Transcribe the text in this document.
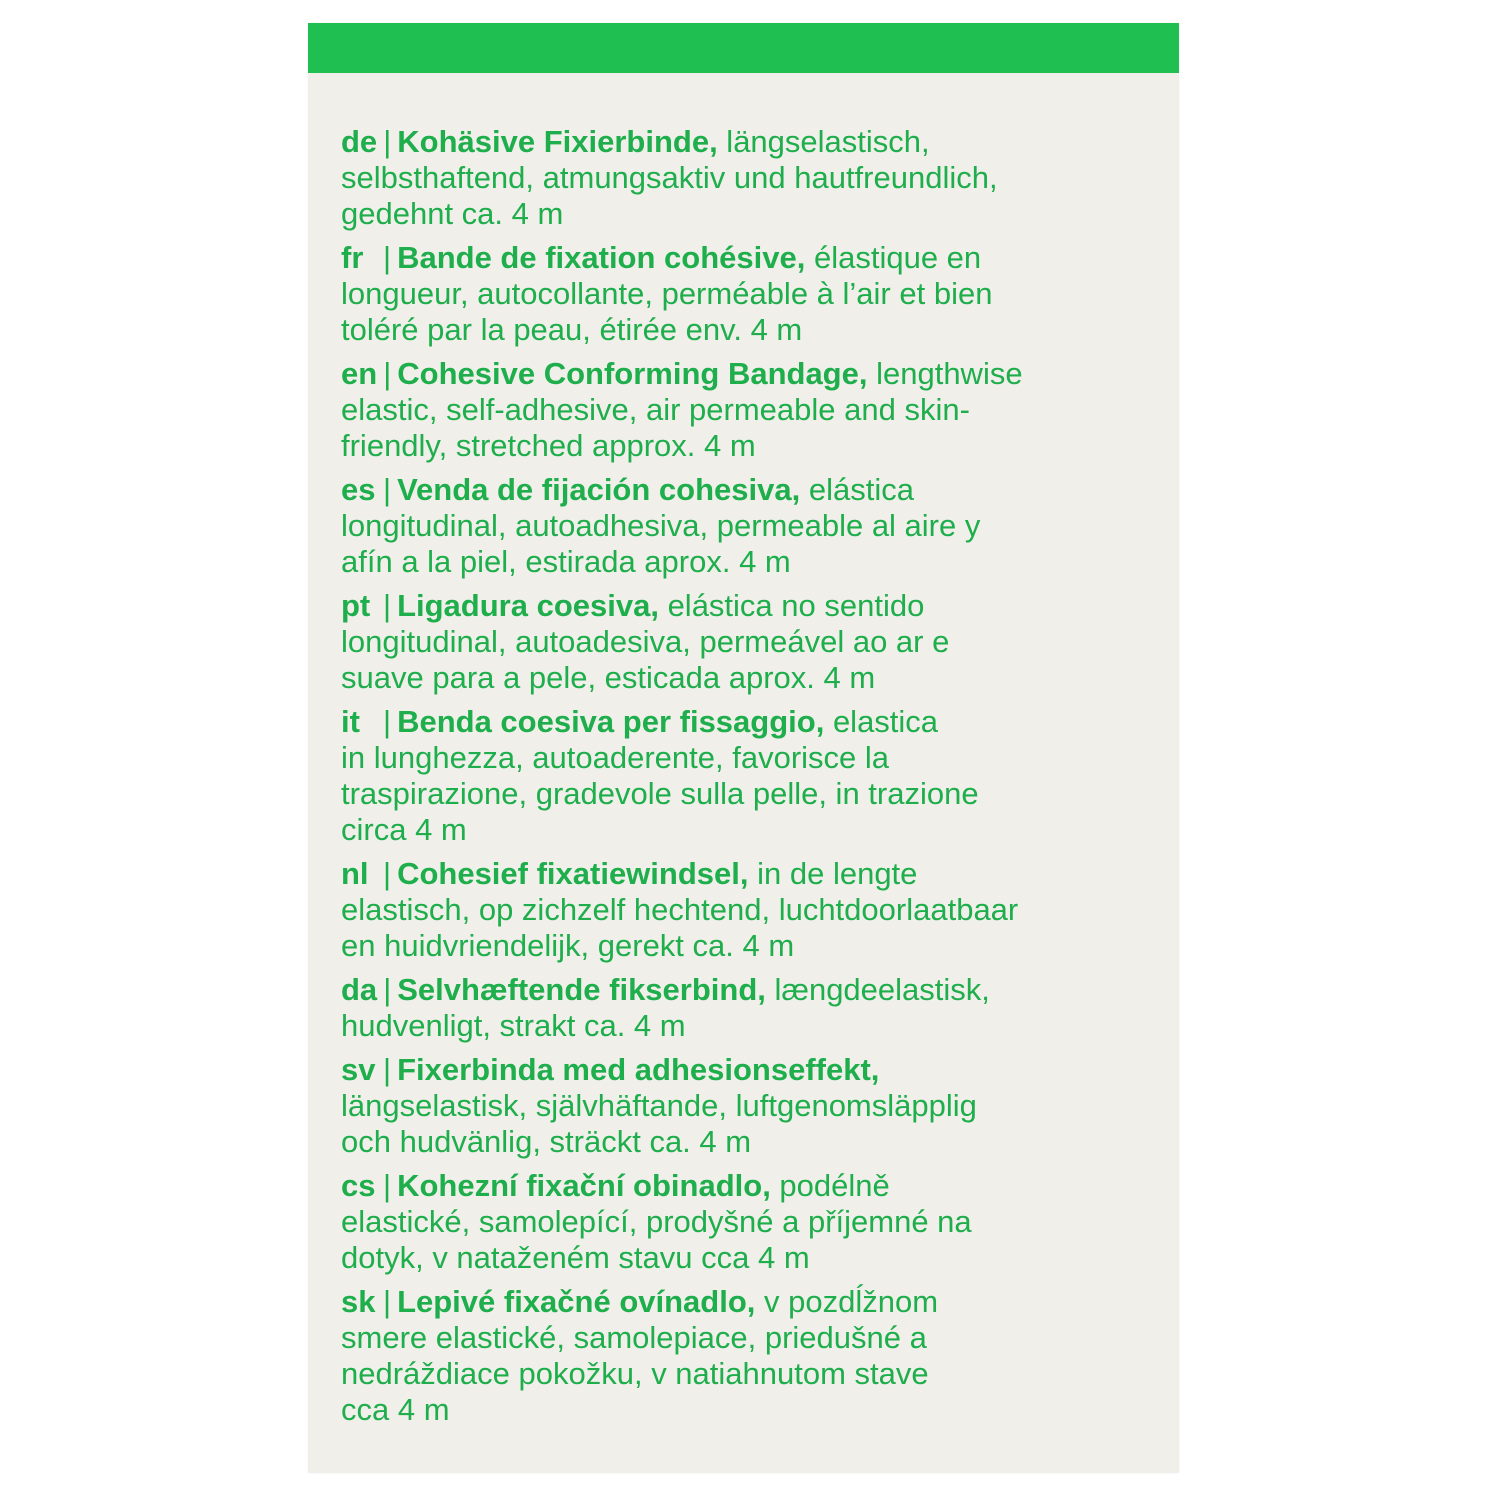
de | Kohäsive Fixierbinde, längselastisch,
selbsthaftend, atmungsaktiv und hautfreundlich,
gedehnt ca. 4 m
fr | Bande de fixation cohésive, élastique en
longueur, autocollante, perméable à l’air et bien
toléré par la peau, étirée env. 4 m
en | Cohesive Conforming Bandage, lengthwise
elastic, self-adhesive, air permeable and skin-
friendly, stretched approx. 4 m
es | Venda de fijación cohesiva, elástica
longitudinal, autoadhesiva, permeable al aire y
afín a la piel, estirada aprox. 4 m
pt | Ligadura coesiva, elástica no sentido
longitudinal, autoadesiva, permeável ao ar e
suave para a pele, esticada aprox. 4 m
it | Benda coesiva per fissaggio, elastica
in lunghezza, autoaderente, favorisce la
traspirazione, gradevole sulla pelle, in trazione
circa 4 m
nl | Cohesief fixatiewindsel, in de lengte
elastisch, op zichzelf hechtend, luchtdoorlaatbaar
en huidvriendelijk, gerekt ca. 4 m
da | Selvhæftende fikserbind, længdeelastisk,
hudvenligt, strakt ca. 4 m
sv | Fixerbinda med adhesionseffekt,
längselastisk, självhäftande, luftgenomsläpplig
och hudvänlig, sträckt ca. 4 m
cs | Kohezní fixační obinadlo, podélně
elastické, samolepící, prodyšné a příjemné na
dotyk, v nataženém stavu cca 4 m
sk | Lepivé fixačné ovínadlo, v pozdĺžnom
smere elastické, samolepiace, priedušné a
nedráždiace pokožku, v natiahnutom stave
cca 4 m
